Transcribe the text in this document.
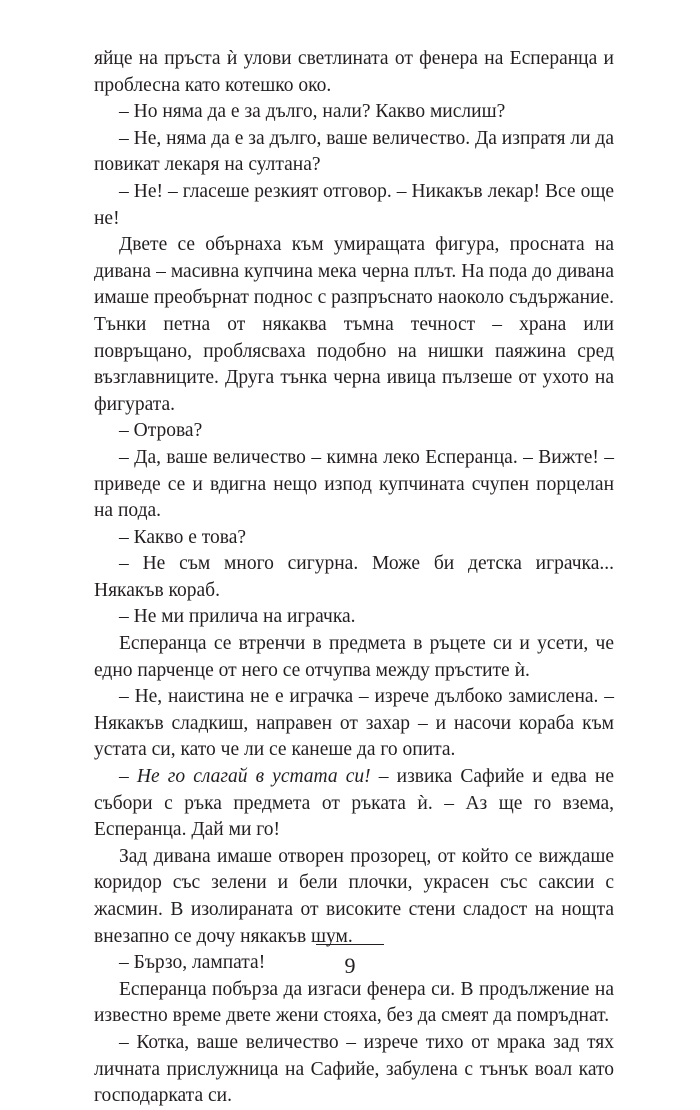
яйце на пръста ѝ улови светлината от фенера на Есперанца и проблесна като котешко око.

– Но няма да е за дълго, нали? Какво мислиш?

– Не, няма да е за дълго, ваше величество. Да изпратя ли да повикат лекаря на султана?

– Не! – гласеше резкият отговор. – Никакъв лекар! Все още не!

Двете се обърнаха към умиращата фигура, просната на дивана – масивна купчина мека черна плът. На пода до дивана имаше преобърнат поднос с разпръснато наоколо съдържание. Тънки петна от някаква тъмна течност – храна или повръщано, проблясваха подобно на нишки паяжина сред възглавниците. Друга тънка черна ивица пълзеше от ухото на фигурата.

– Отрова?

– Да, ваше величество – кимна леко Есперанца. – Вижте! – приведе се и вдигна нещо изпод купчината счупен порцелан на пода.

– Какво е това?

– Не съм много сигурна. Може би детска играчка... Някакъв кораб.

– Не ми прилича на играчка.

Есперанца се втренчи в предмета в ръцете си и усети, че едно парченце от него се отчупва между пръстите ѝ.

– Не, наистина не е играчка – изрече дълбоко замислена. – Някакъв сладкиш, направен от захар – и насочи кораба към устата си, като че ли се канеше да го опита.

– Не го слагай в устата си! – извика Сафийе и едва не събори с ръка предмета от ръката ѝ. – Аз ще го взема, Есперанца. Дай ми го!

Зад дивана имаше отворен прозорец, от който се виждаше коридор със зелени и бели плочки, украсен със саксии с жасмин. В изолираната от високите стени сладост на нощта внезапно се дочу някакъв шум.

– Бързо, лампата!

Есперанца побърза да изгаси фенера си. В продължение на известно време двете жени стояха, без да смеят да помръднат.

– Котка, ваше величество – изрече тихо от мрака зад тях личната прислужница на Сафийе, забулена с тънък воал като господарката си.

9
